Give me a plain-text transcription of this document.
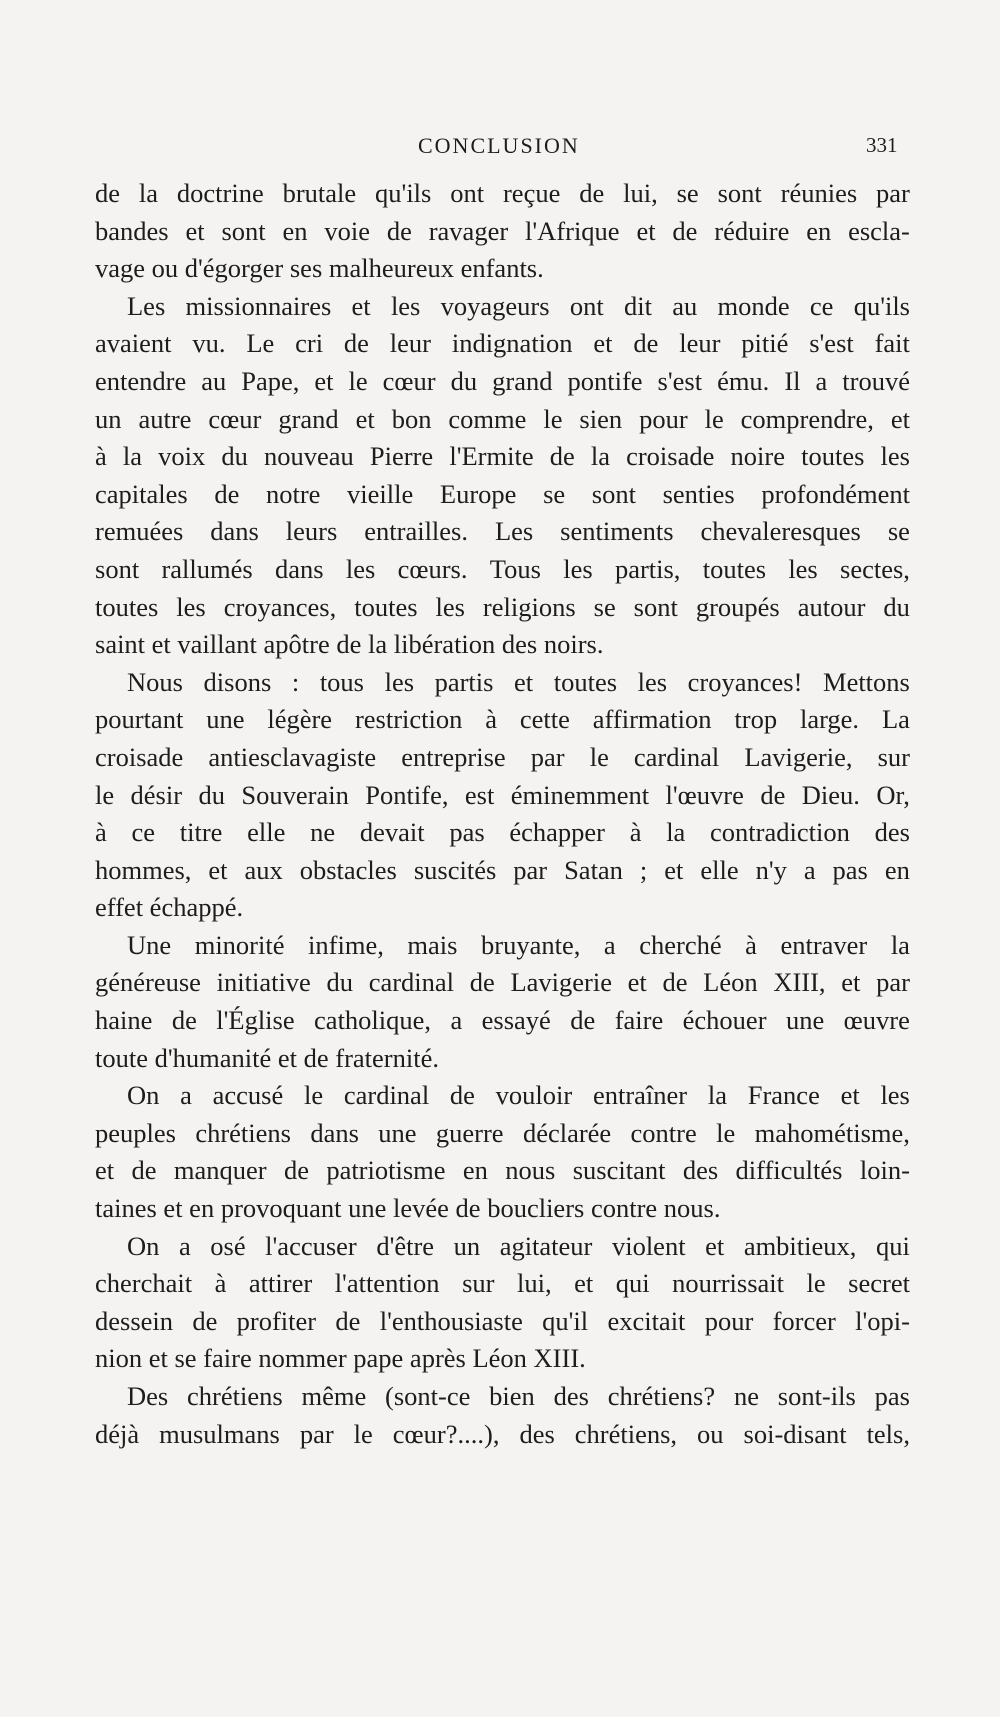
CONCLUSION	331
de la doctrine brutale qu'ils ont reçue de lui, se sont réunies par
bandes et sont en voie de ravager l'Afrique et de réduire en escla-
vage ou d'égorger ses malheureux enfants.
Les missionnaires et les voyageurs ont dit au monde ce qu'ils
avaient vu. Le cri de leur indignation et de leur pitié s'est fait
entendre au Pape, et le cœur du grand pontife s'est ému. Il a trouvé
un autre cœur grand et bon comme le sien pour le comprendre, et
à la voix du nouveau Pierre l'Ermite de la croisade noire toutes les
capitales de notre vieille Europe se sont senties profondément
remuées dans leurs entrailles. Les sentiments chevaleresques se
sont rallumés dans les cœurs. Tous les partis, toutes les sectes,
toutes les croyances, toutes les religions se sont groupés autour du
saint et vaillant apôtre de la libération des noirs.
Nous disons : tous les partis et toutes les croyances! Mettons
pourtant une légère restriction à cette affirmation trop large. La
croisade antiesclavagiste entreprise par le cardinal Lavigerie, sur
le désir du Souverain Pontife, est éminemment l'œuvre de Dieu. Or,
à ce titre elle ne devait pas échapper à la contradiction des
hommes, et aux obstacles suscités par Satan ; et elle n'y a pas en
effet échappé.
Une minorité infime, mais bruyante, a cherché à entraver la
généreuse initiative du cardinal de Lavigerie et de Léon XIII, et par
haine de l'Église catholique, a essayé de faire échouer une œuvre
toute d'humanité et de fraternité.
On a accusé le cardinal de vouloir entraîner la France et les
peuples chrétiens dans une guerre déclarée contre le mahométisme,
et de manquer de patriotisme en nous suscitant des difficultés loin-
taines et en provoquant une levée de boucliers contre nous.
On a osé l'accuser d'être un agitateur violent et ambitieux, qui
cherchait à attirer l'attention sur lui, et qui nourrissait le secret
dessein de profiter de l'enthousiaste qu'il excitait pour forcer l'opi-
nion et se faire nommer pape après Léon XIII.
Des chrétiens même (sont-ce bien des chrétiens? ne sont-ils pas
déjà musulmans par le cœur?....), des chrétiens, ou soi-disant tels,
